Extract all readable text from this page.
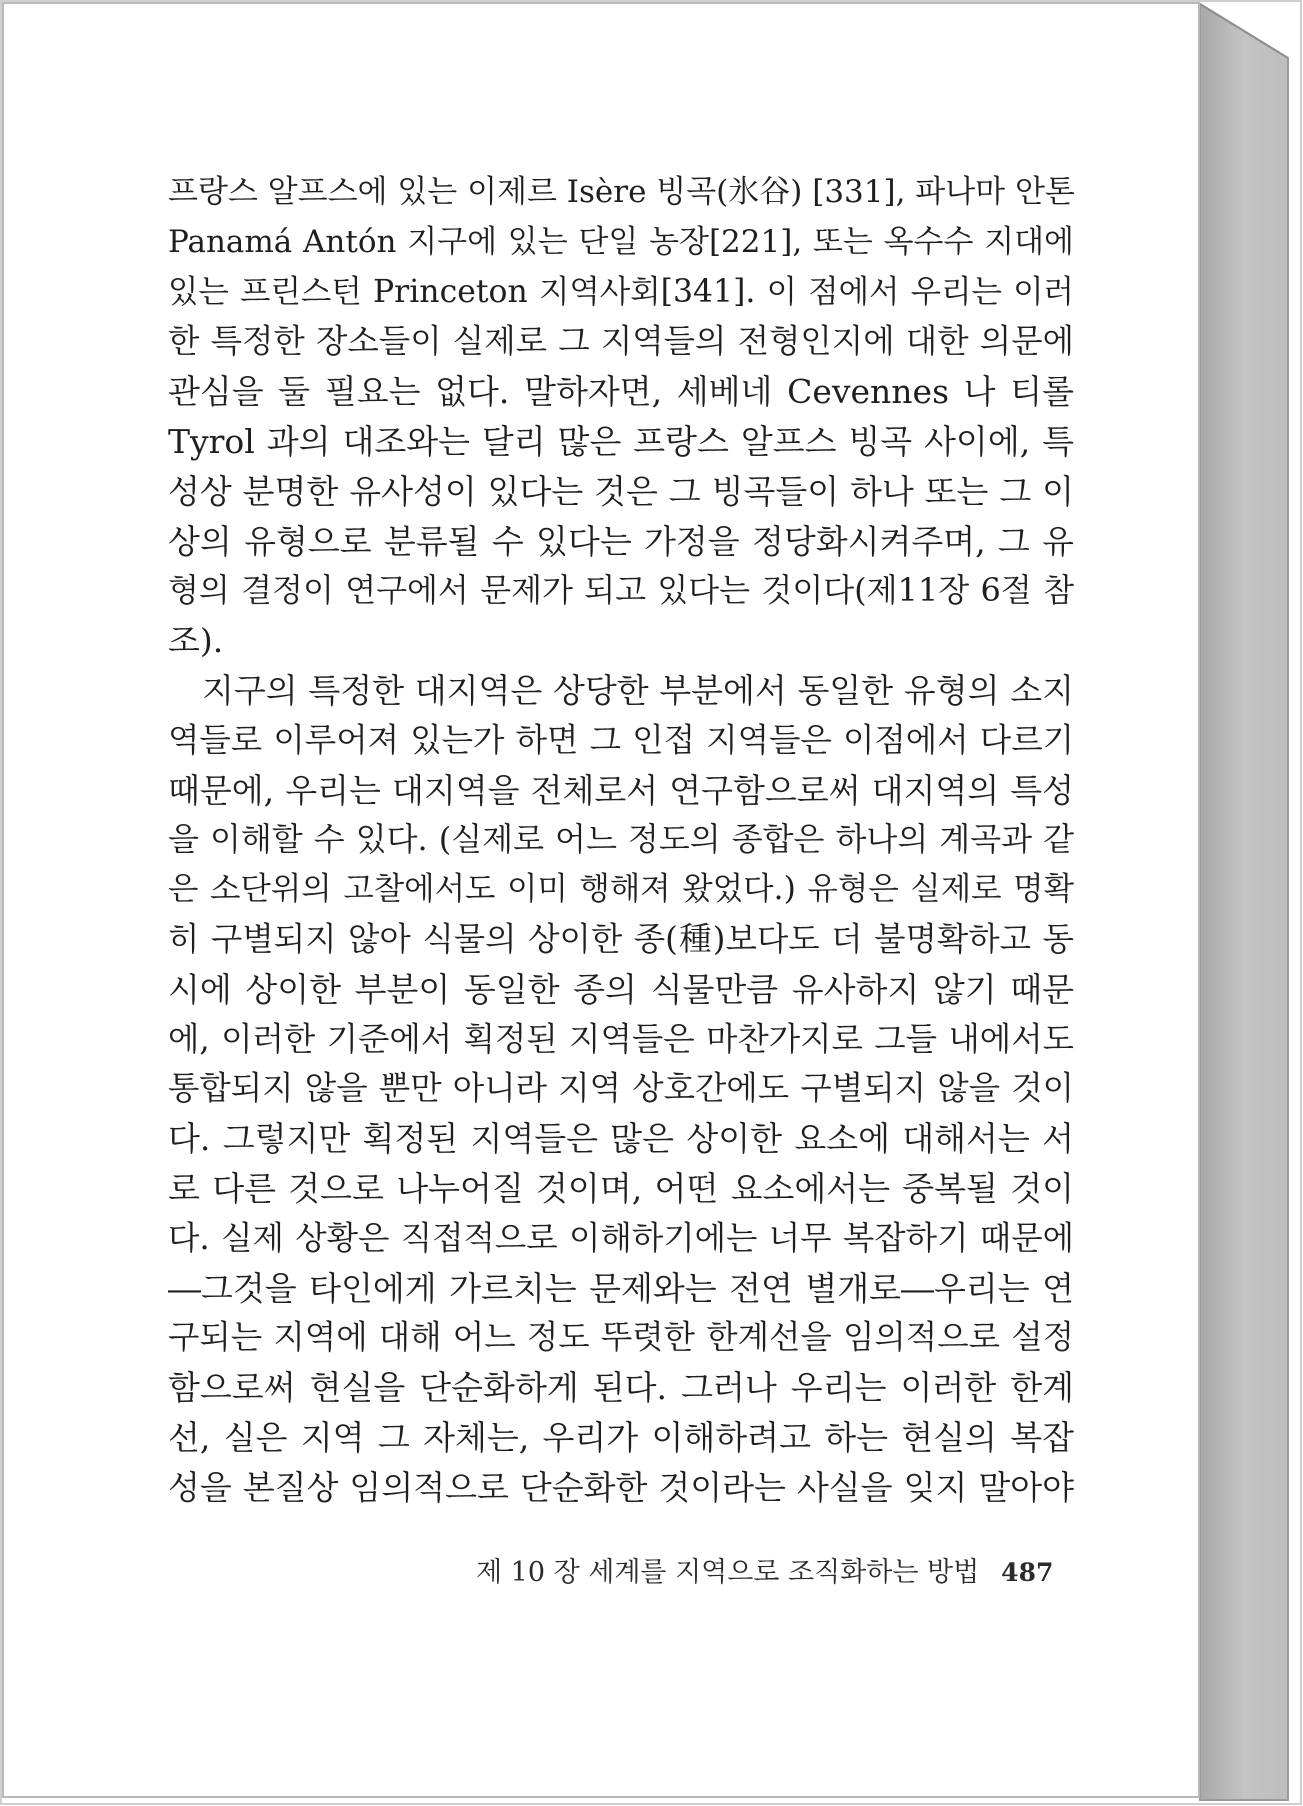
프랑스 알프스에 있는 이제르 Isère 빙곡(氷谷) [331], 파나마 안톤
Panamá Antón 지구에 있는 단일 농장[221], 또는 옥수수 지대에
있는 프린스턴 Princeton 지역사회[341]. 이 점에서 우리는 이러
한 특정한 장소들이 실제로 그 지역들의 전형인지에 대한 의문에
관심을 둘 필요는 없다. 말하자면, 세베네 Cevennes 나 티롤
Tyrol 과의 대조와는 달리 많은 프랑스 알프스 빙곡 사이에, 특
성상 분명한 유사성이 있다는 것은 그 빙곡들이 하나 또는 그 이
상의 유형으로 분류될 수 있다는 가정을 정당화시켜주며, 그 유
형의 결정이 연구에서 문제가 되고 있다는 것이다(제11장 6절 참
조).
지구의 특정한 대지역은 상당한 부분에서 동일한 유형의 소지
역들로 이루어져 있는가 하면 그 인접 지역들은 이점에서 다르기
때문에, 우리는 대지역을 전체로서 연구함으로써 대지역의 특성
을 이해할 수 있다. (실제로 어느 정도의 종합은 하나의 계곡과 같
은 소단위의 고찰에서도 이미 행해져 왔었다.) 유형은 실제로 명확
히 구별되지 않아 식물의 상이한 종(種)보다도 더 불명확하고 동
시에 상이한 부분이 동일한 종의 식물만큼 유사하지 않기 때문
에, 이러한 기준에서 획정된 지역들은 마찬가지로 그들 내에서도
통합되지 않을 뿐만 아니라 지역 상호간에도 구별되지 않을 것이
다. 그렇지만 획정된 지역들은 많은 상이한 요소에 대해서는 서
로 다른 것으로 나누어질 것이며, 어떤 요소에서는 중복될 것이
다. 실제 상황은 직접적으로 이해하기에는 너무 복잡하기 때문에
―그것을 타인에게 가르치는 문제와는 전연 별개로―우리는 연
구되는 지역에 대해 어느 정도 뚜렷한 한계선을 임의적으로 설정
함으로써 현실을 단순화하게 된다. 그러나 우리는 이러한 한계
선, 실은 지역 그 자체는, 우리가 이해하려고 하는 현실의 복잡
성을 본질상 임의적으로 단순화한 것이라는 사실을 잊지 말아야
제 10 장 세계를 지역으로 조직화하는 방법 487
